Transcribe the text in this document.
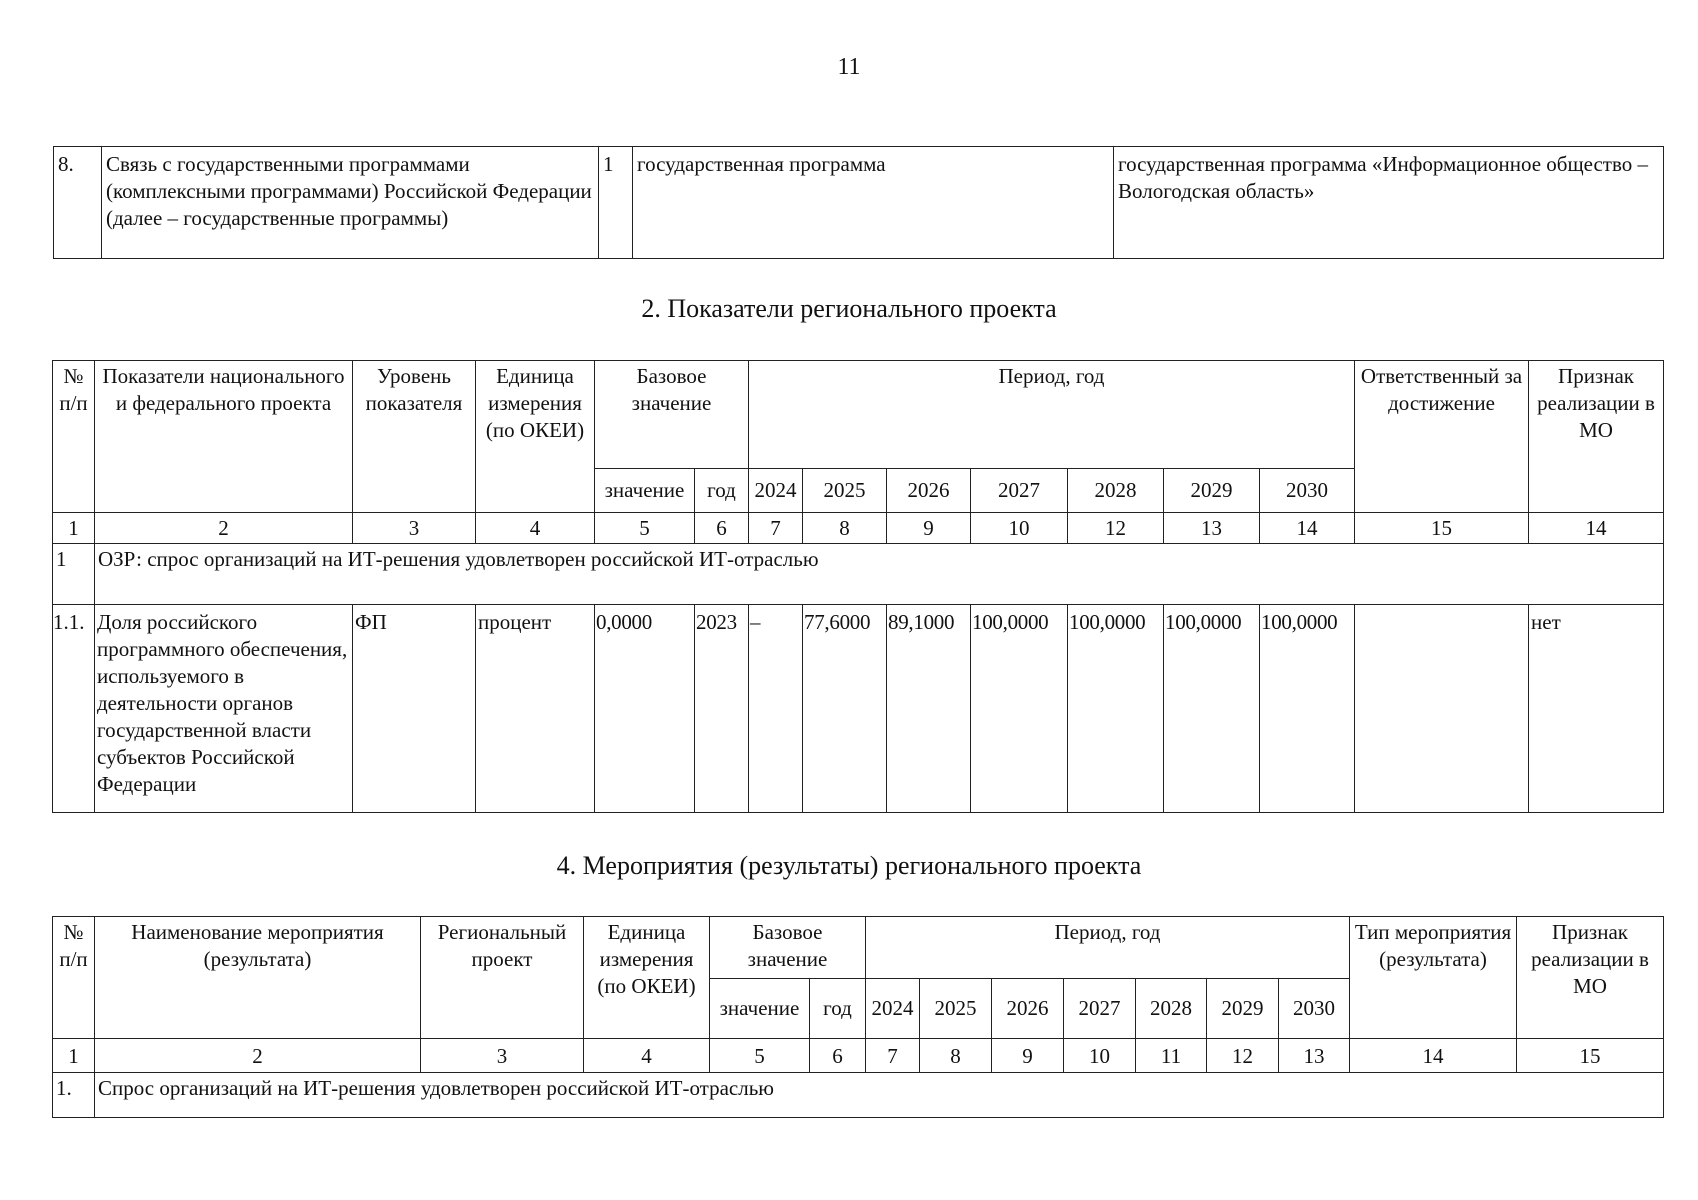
11
8.	Связь с государственными программами (комплексными программами) Российской Федерации (далее – государственные программы)	1	государственная программа	государственная программа «Информационное общество – Вологодская область»
2. Показатели регионального проекта
№ п/п	Показатели национального и федерального проекта	Уровень показателя	Единица измерения (по ОКЕИ)	Базовое значение		Период, год							Ответственный за достижение	Признак реализации в МО
				значение	год	2024	2025	2026	2027	2028	2029	2030		
1	2	3	4	5	6	7	8	9	10	12	13	14	15	14
1	ОЗР: спрос организаций на ИТ-решения удовлетворен российской ИТ-отраслью													
1.1.	Доля российского программного обеспечения, используемого в деятельности органов государственной власти субъектов Российской Федерации	ФП	процент	0,0000	2023	–	77,6000	89,1000	100,0000	100,0000	100,0000	100,0000		нет
4. Мероприятия (результаты) регионального проекта
№ п/п	Наименование мероприятия (результата)	Региональный проект	Единица измерения (по ОКЕИ)	Базовое значение		Период, год							Тип мероприятия (результата)	Признак реализации в МО
				значение	год	2024	2025	2026	2027	2028	2029	2030		
1	2	3	4	5	6	7	8	9	10	11	12	13	14	15
1.	Спрос организаций на ИТ-решения удовлетворен российской ИТ-отраслью													
